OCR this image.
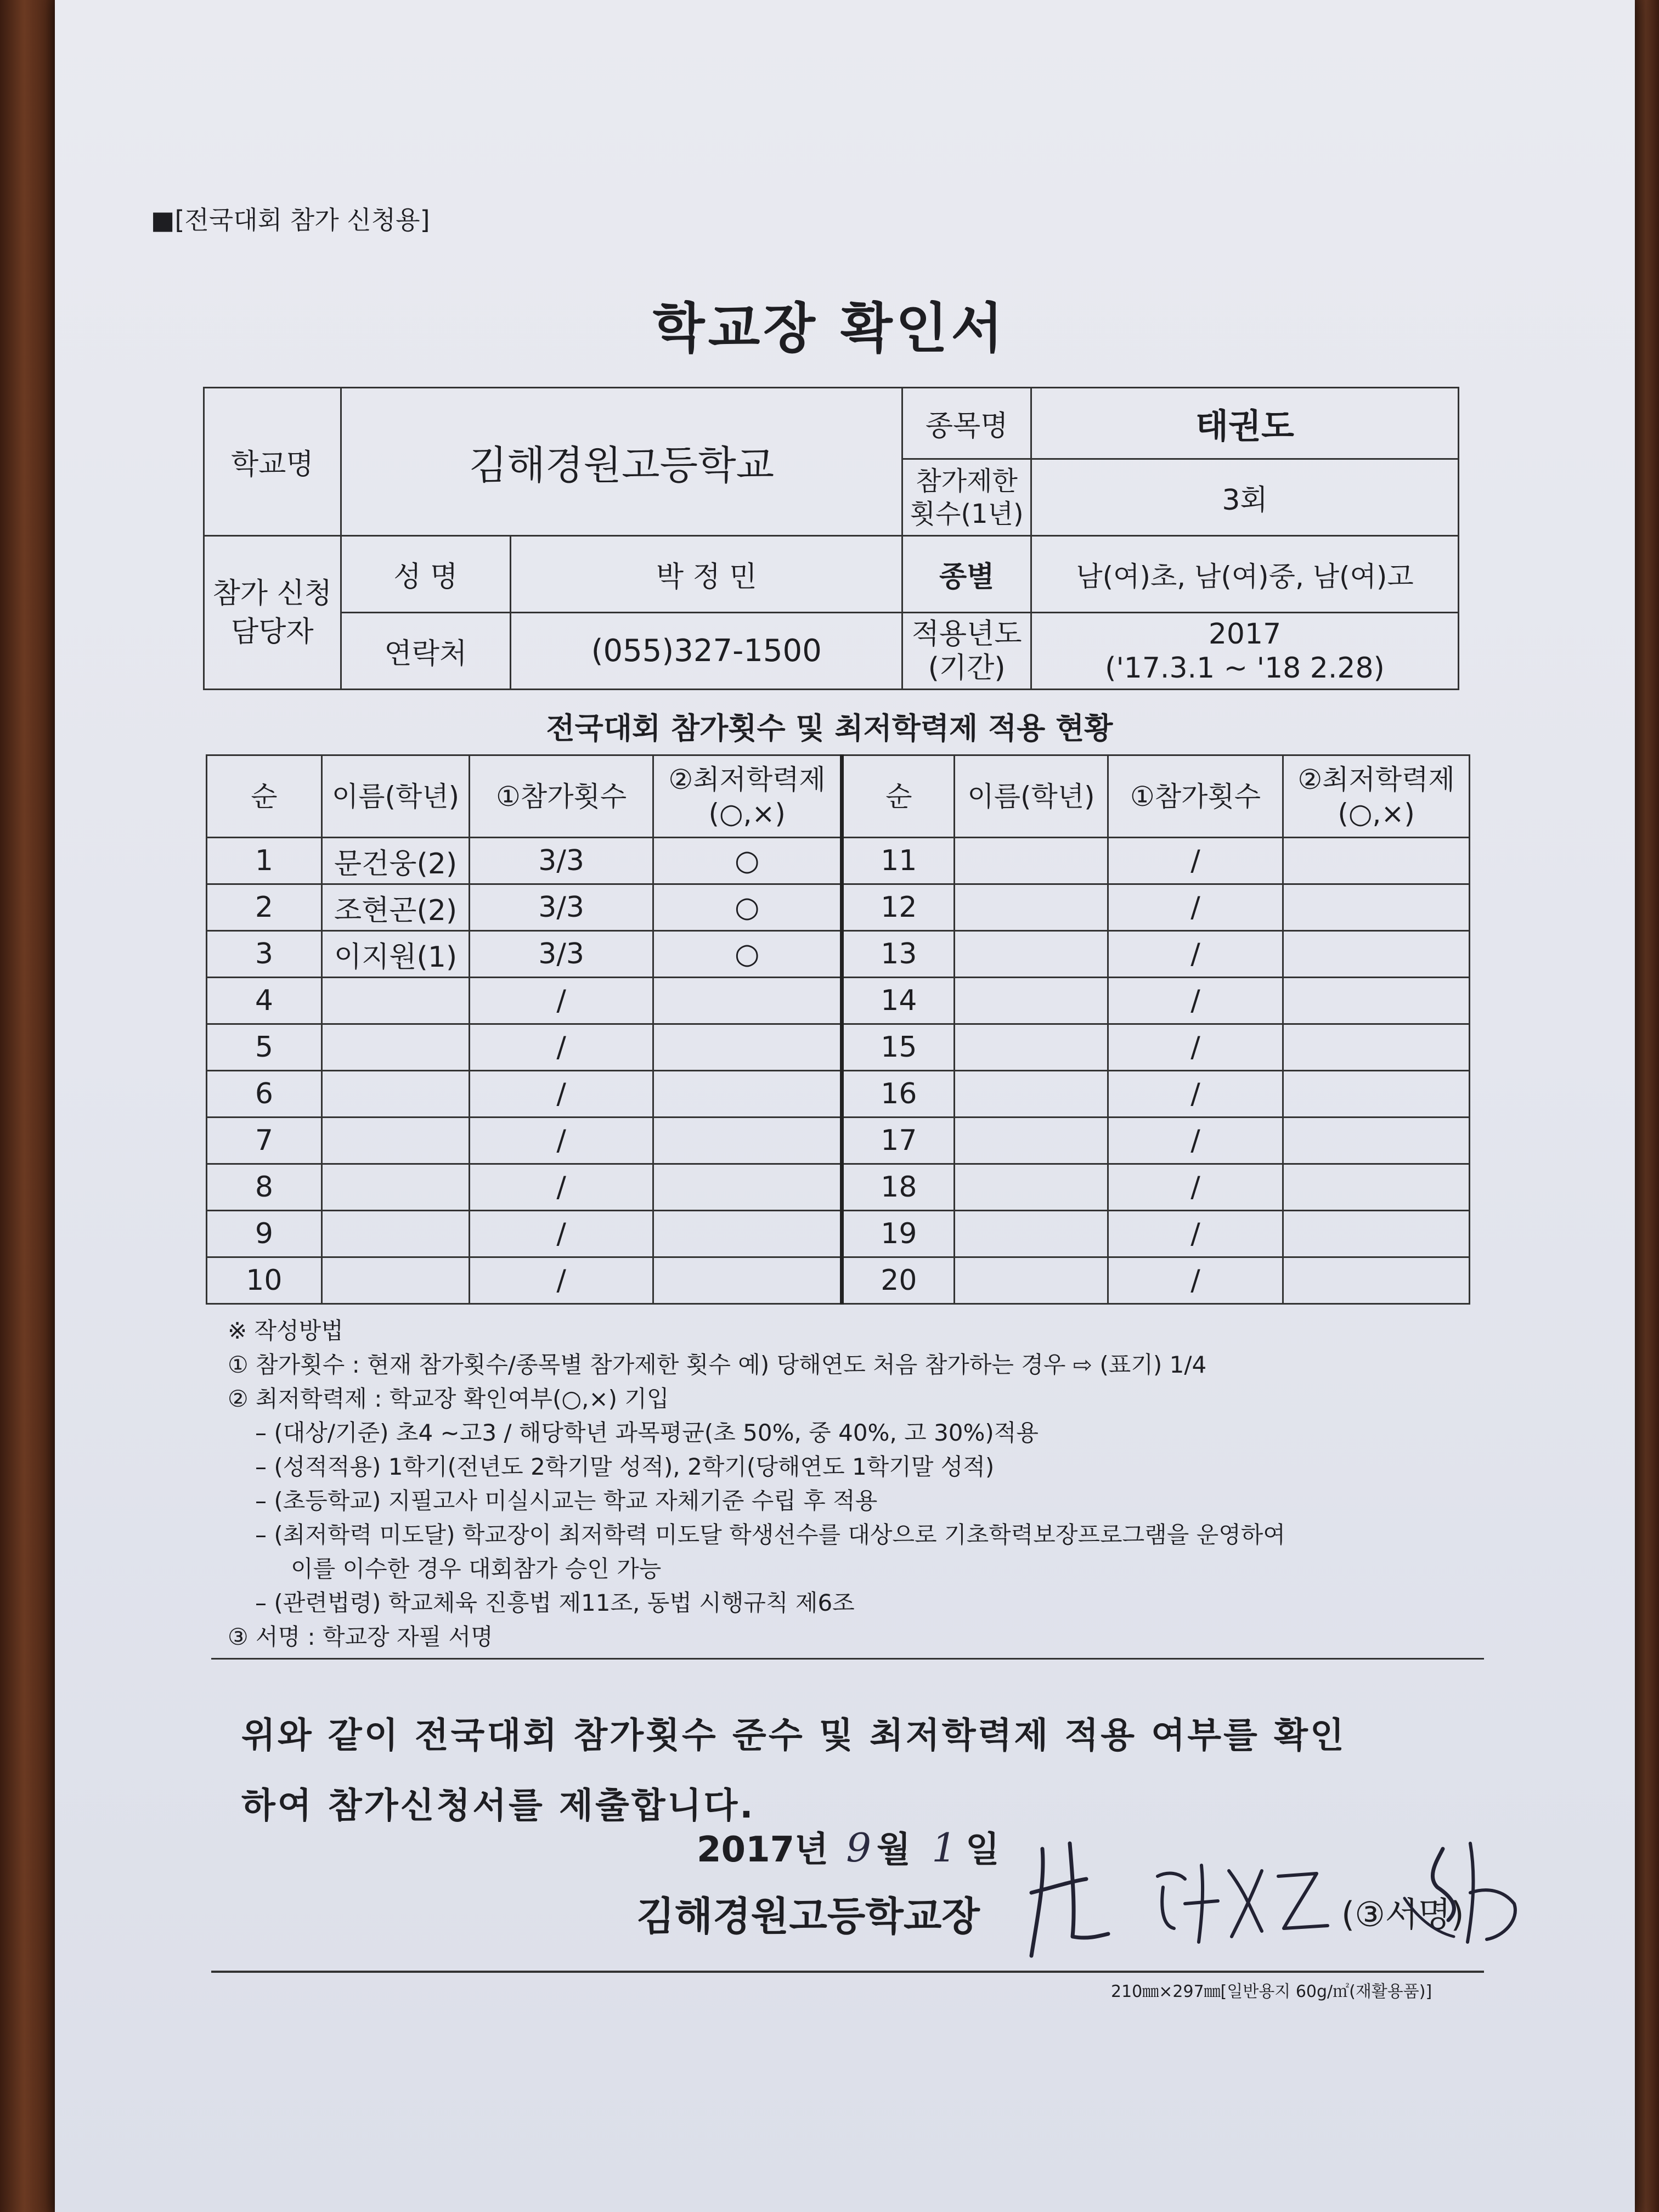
■[전국대회 참가 신청용]
학교장 확인서
학교명	김해경원고등학교		종목명	태권도
			참가제한 횟수(1년)	3회
참가 신청 담당자	성 명	박 정 민	종별	남(여)초, 남(여)중, 남(여)고
	연락처	(055)327-1500	적용년도 (기간)	2017
('17.3.1 ~ '18 2.28)
전국대회 참가횟수 및 최저학력제 적용 현황
순	이름(학년)	①참가횟수	②최저학력제 (○,×)	순	이름(학년)	①참가횟수	②최저학력제 (○,×)
1	문건웅(2)	3/3	○	11		/	
2	조현곤(2)	3/3	○	12		/	
3	이지원(1)	3/3	○	13		/	
4		/		14		/	
5		/		15		/	
6		/		16		/	
7		/		17		/	
8		/		18		/	
9		/		19		/	
10		/		20		/	
※ 작성방법
① 참가횟수 : 현재 참가횟수/종목별 참가제한 횟수 예) 당해연도 처음 참가하는 경우 ⇨ (표기) 1/4
② 최저학력제 : 학교장 확인여부(○,×) 기입
– (대상/기준) 초4 ~고3 / 해당학년 과목평균(초 50%, 중 40%, 고 30%)적용
– (성적적용) 1학기(전년도 2학기말 성적), 2학기(당해연도 1학기말 성적)
– (초등학교) 지필고사 미실시교는 학교 자체기준 수립 후 적용
– (최저학력 미도달) 학교장이 최저학력 미도달 학생선수를 대상으로 기초학력보장프로그램을 운영하여
이를 이수한 경우 대회참가 승인 가능
– (관련법령) 학교체육 진흥법 제11조, 동법 시행규칙 제6조
③ 서명 : 학교장 자필 서명
위와 같이 전국대회 참가횟수 준수 및 최저학력제 적용 여부를 확인
하여 참가신청서를 제출합니다.
2017년 9 월 1 일
김해경원고등학교장	(③서명)
210㎜×297㎜[일반용지 60g/㎡(재활용품)]
